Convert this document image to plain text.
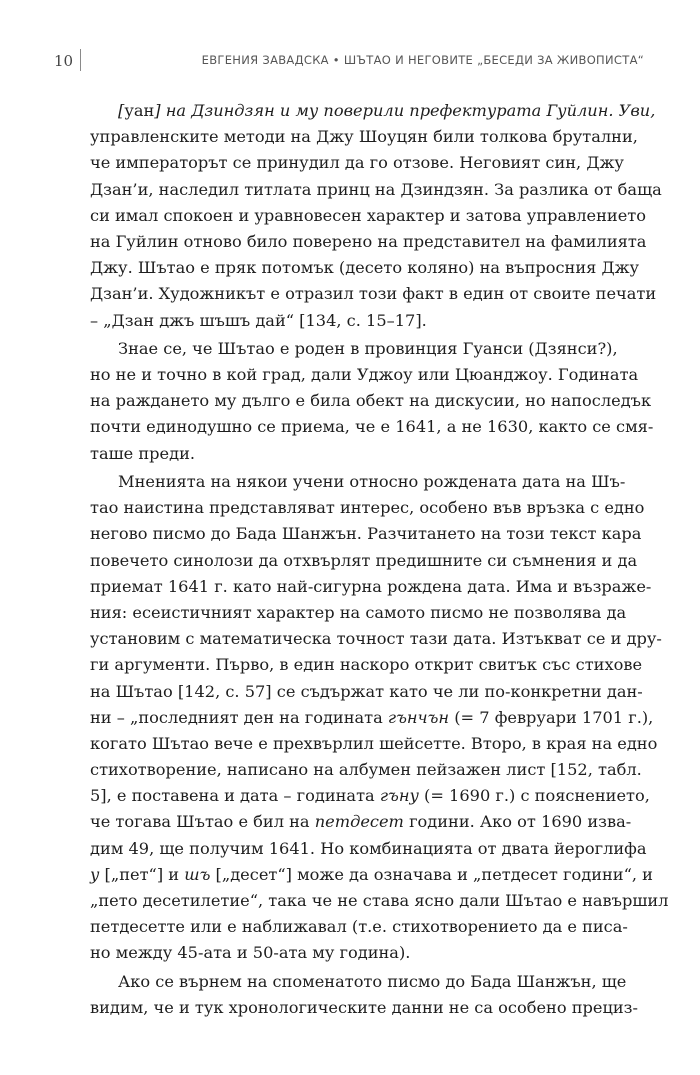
10	ЕВГЕНИЯ ЗАВАДСКА • ШЪТАО И НЕГОВИТЕ „БЕСЕДИ ЗА ЖИВОПИСТА“
[уан] на Дзиндзян и му поверили префектурата Гуйлин. Уви,
управленските методи на Джу Шоуцян били толкова брутални,
че императорът се принудил да го отзове. Неговият син, Джу
Дзан’и, наследил титлата принц на Дзиндзян. За разлика от баща
си имал спокоен и уравновесен характер и затова управлението
на Гуйлин отново било поверено на представител на фамилията
Джу. Шътао е пряк потомък (десето коляно) на въпросния Джу
Дзан’и. Художникът е отразил този факт в един от своите печати
– „Дзан джъ шъшъ дай“ [134, с. 15–17].
Знае се, че Шътао е роден в провинция Гуанси (Дзянси?),
но не и точно в кой град, дали Уджоу или Цюанджоу. Годината
на раждането му дълго е била обект на дискусии, но напоследък
почти единодушно се приема, че е 1641, а не 1630, както се смя-
таше преди.
Мненията на някои учени относно рождената дата на Шъ-
тао наистина представляват интерес, особено във връзка с едно
негово писмо до Бада Шанжън. Разчитането на този текст кара
повечето синолози да отхвърлят предишните си съмнения и да
приемат 1641 г. като най-сигурна рождена дата. Има и възраже-
ния: есеистичният характер на самото писмо не позволява да
установим с математическа точност тази дата. Изтъкват се и дру-
ги аргументи. Първо, в един наскоро открит свитък със стихове
на Шътао [142, с. 57] се съдържат като че ли по-конкретни дан-
ни – „последният ден на годината гънчън (= 7 февруари 1701 г.),
когато Шътао вече е прехвърлил шейсетте. Второ, в края на едно
стихотворение, написано на албумен пейзажен лист [152, табл.
5], е поставена и дата – годината гъну (= 1690 г.) с пояснението,
че тогава Шътао е бил на петдесет години. Ако от 1690 изва-
дим 49, ще получим 1641. Но комбинацията от двата йероглифа
у [„пет“] и шъ [„десет“] може да означава и „петдесет години“, и
„пето десетилетие“, така че не става ясно дали Шътао е навършил
петдесетте или е наближавал (т.е. стихотворението да е писа-
но между 45-ата и 50-ата му година).
Ако се върнем на споменатото писмо до Бада Шанжън, ще
видим, че и тук хронологическите данни не са особено прециз-
